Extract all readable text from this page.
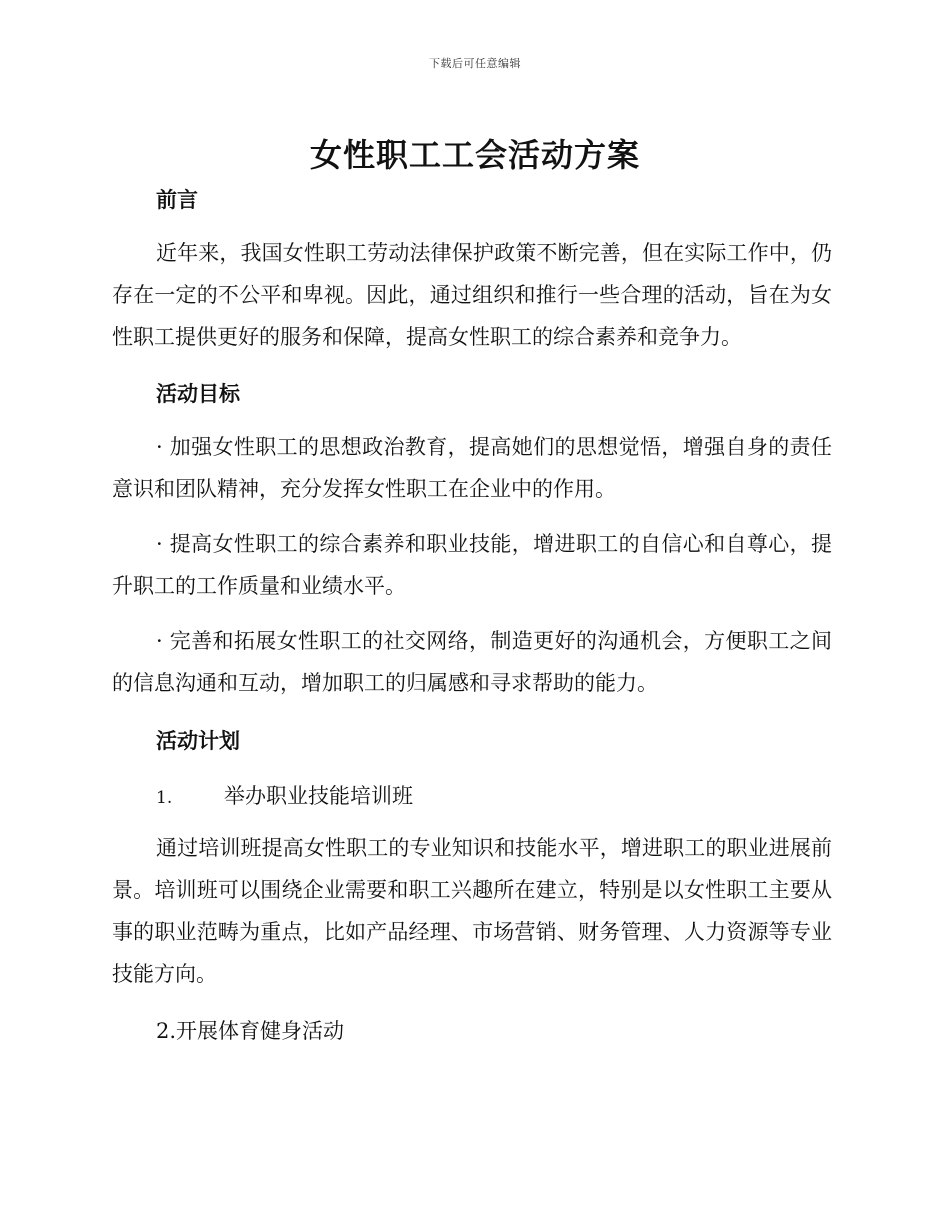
下载后可任意编辑
女性职工工会活动方案
前言

近年来，我国女性职工劳动法律保护政策不断完善，但在实际工作中，仍存在一定的不公平和卑视。因此，通过组织和推行一些合理的活动，旨在为女性职工提供更好的服务和保障，提高女性职工的综合素养和竞争力。

活动目标

· 加强女性职工的思想政治教育，提高她们的思想觉悟，增强自身的责任意识和团队精神，充分发挥女性职工在企业中的作用。

· 提高女性职工的综合素养和职业技能，增进职工的自信心和自尊心，提升职工的工作质量和业绩水平。

· 完善和拓展女性职工的社交网络，制造更好的沟通机会，方便职工之间的信息沟通和互动，增加职工的归属感和寻求帮助的能力。

活动计划

1. 举办职业技能培训班

通过培训班提高女性职工的专业知识和技能水平，增进职工的职业进展前景。培训班可以围绕企业需要和职工兴趣所在建立，特别是以女性职工主要从事的职业范畴为重点，比如产品经理、市场营销、财务管理、人力资源等专业技能方向。

2.开展体育健身活动
